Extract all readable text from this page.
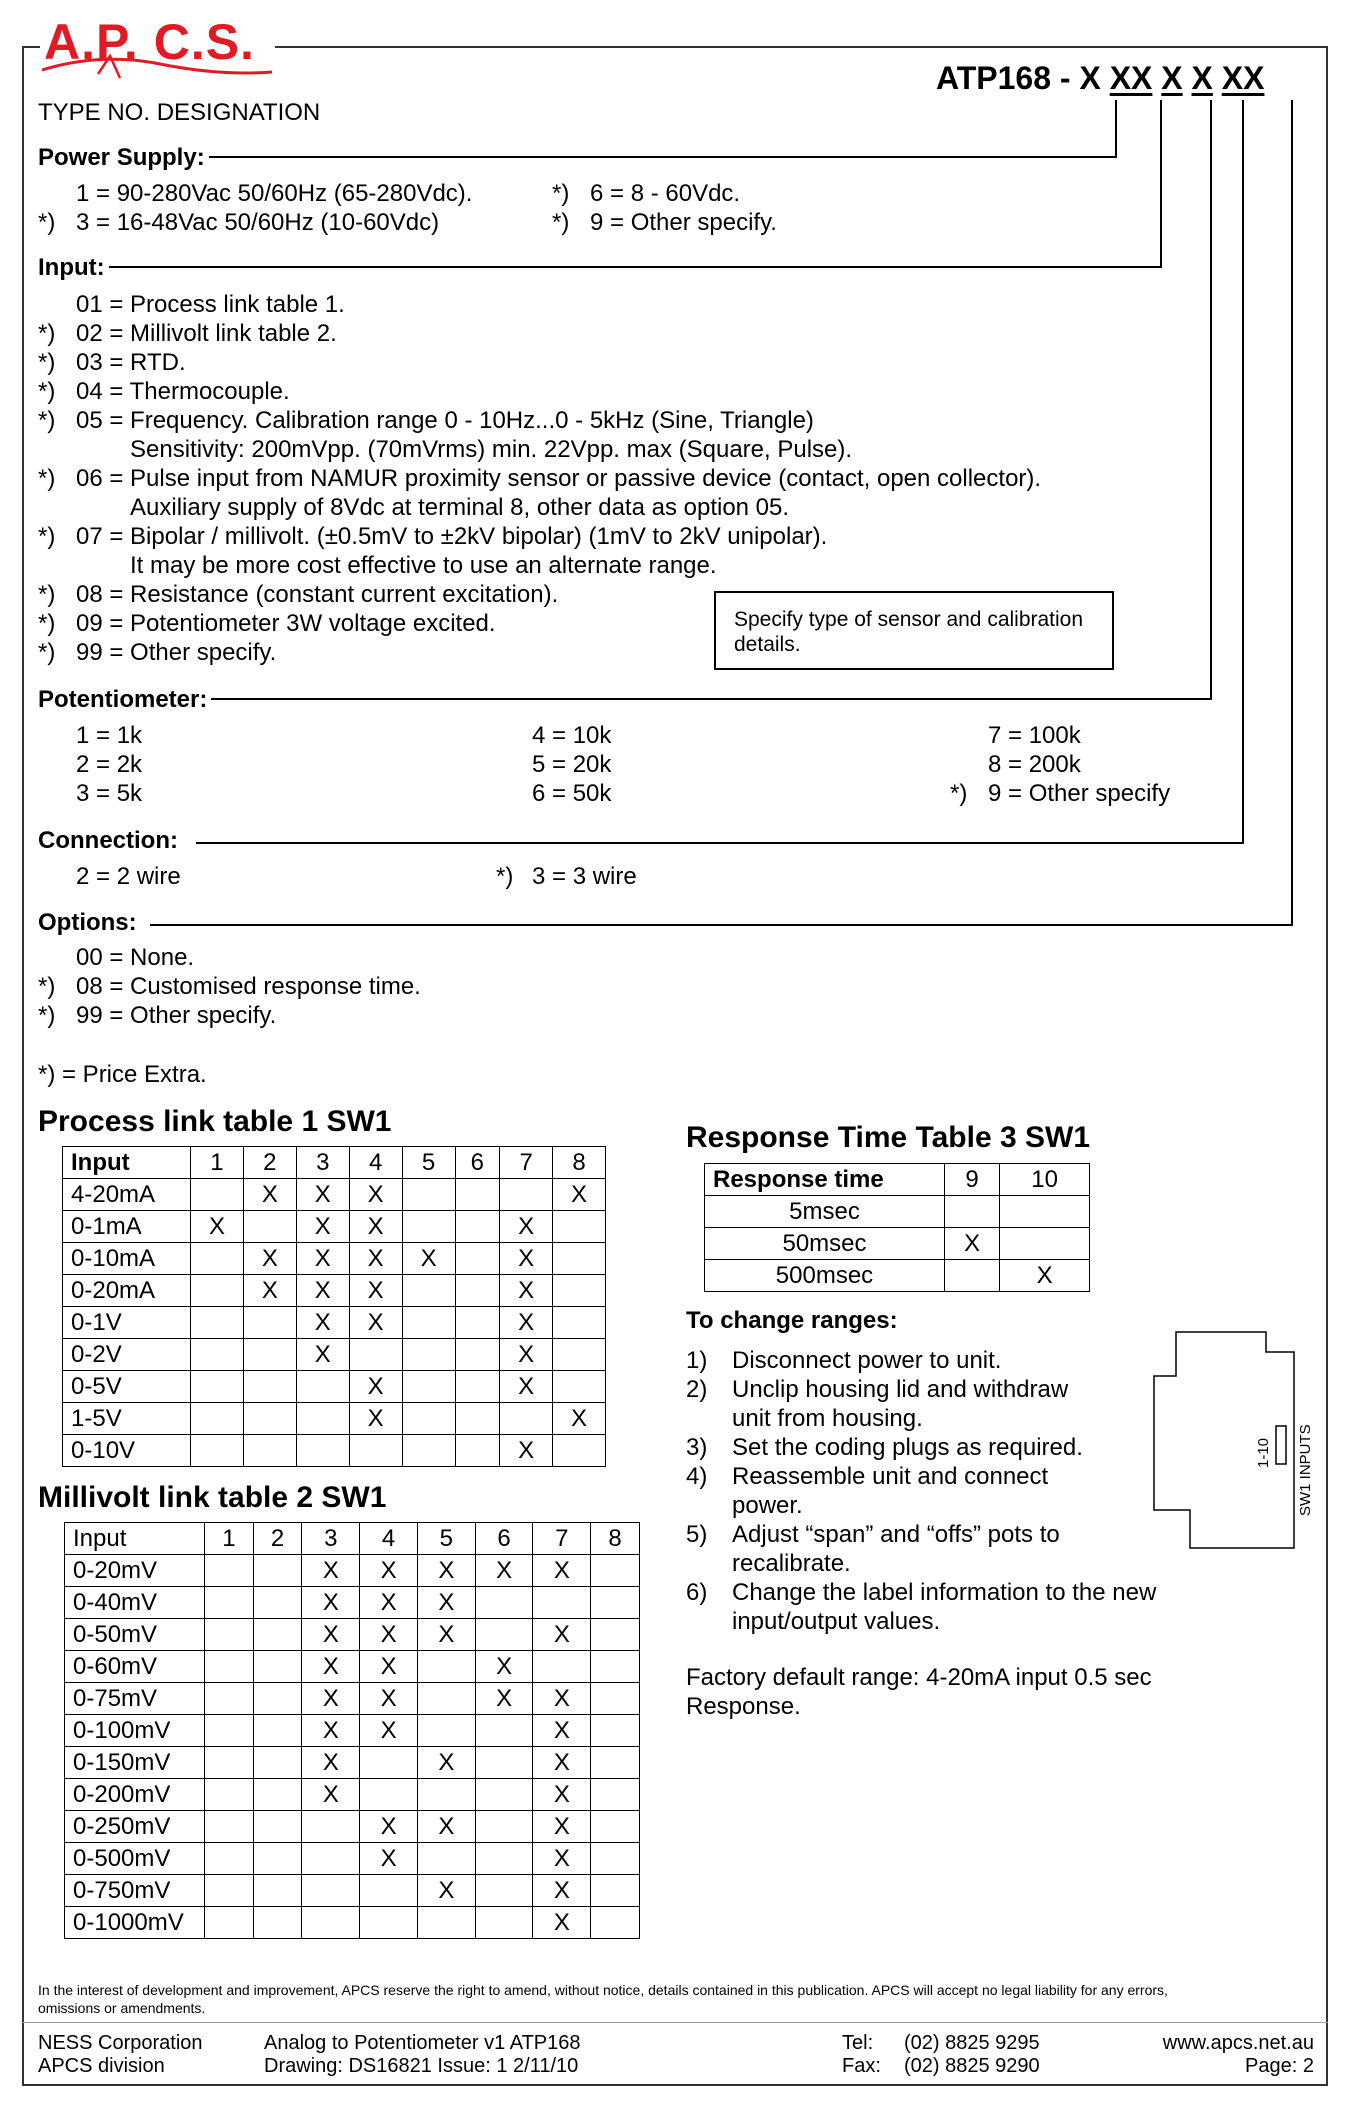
A.P. C.S.
ATP168 - X XX X X XX
TYPE NO. DESIGNATION
Power Supply:
1 = 90-280Vac 50/60Hz (65-280Vdc).
*) 3 = 16-48Vac 50/60Hz (10-60Vdc)
*) 6 = 8 - 60Vdc.
*) 9 = Other specify.
Input:
01 = Process link table 1.
*) 02 = Millivolt link table 2.
*) 03 = RTD.
*) 04 = Thermocouple.
*) 05 = Frequency. Calibration range 0 - 10Hz...0 - 5kHz (Sine, Triangle)
Sensitivity: 200mVpp. (70mVrms) min. 22Vpp. max (Square, Pulse).
*) 06 = Pulse input from NAMUR proximity sensor or passive device (contact, open collector).
Auxiliary supply of 8Vdc at terminal 8, other data as option 05.
*) 07 = Bipolar / millivolt. (±0.5mV to ±2kV bipolar) (1mV to 2kV unipolar).
It may be more cost effective to use an alternate range.
*) 08 = Resistance (constant current excitation).
*) 09 = Potentiometer 3W voltage excited.
*) 99 = Other specify.
Specify type of sensor and calibration details.
Potentiometer:
1 = 1k
2 = 2k
3 = 5k
4 = 10k
5 = 20k
6 = 50k
7 = 100k
8 = 200k
*) 9 = Other specify
Connection:
2 = 2 wire	*) 3 = 3 wire
Options:
00 = None.
*) 08 = Customised response time.
*) 99 = Other specify.
*) = Price Extra.
Process link table 1 SW1
Input	1	2	3	4	5	6	7	8
4-20mA		X	X	X				X
0-1mA	X		X	X			X	
0-10mA		X	X	X	X		X	
0-20mA		X	X	X			X	
0-1V			X	X			X	
0-2V			X				X	
0-5V				X			X	
1-5V				X				X
0-10V							X	
Millivolt link table 2 SW1
Input	1	2	3	4	5	6	7	8
0-20mV			X	X	X	X	X	
0-40mV			X	X	X			
0-50mV			X	X	X		X	
0-60mV			X	X		X		
0-75mV			X	X		X	X	
0-100mV			X	X			X	
0-150mV			X		X		X	
0-200mV			X				X	
0-250mV				X	X		X	
0-500mV				X			X	
0-750mV					X		X	
0-1000mV							X	
Response Time Table 3 SW1
Response time	9	10
5msec		
50msec	X	
500msec		X
To change ranges:
1) Disconnect power to unit.
2) Unclip housing lid and withdraw
unit from housing.
3) Set the coding plugs as required.
4) Reassemble unit and connect
power.
5) Adjust “span” and “offs” pots to
recalibrate.
6) Change the label information to the new
input/output values.
1-10 SW1 INPUTS
Factory default range: 4-20mA input 0.5 sec
Response.
In the interest of development and improvement, APCS reserve the right to amend, without notice, details contained in this publication. APCS will accept no legal liability for any errors,
omissions or amendments.
NESS Corporation
APCS division
Analog to Potentiometer v1 ATP168
Drawing: DS16821 Issue: 1 2/11/10
Tel: (02) 8825 9295
Fax: (02) 8825 9290
www.apcs.net.au
Page: 2
